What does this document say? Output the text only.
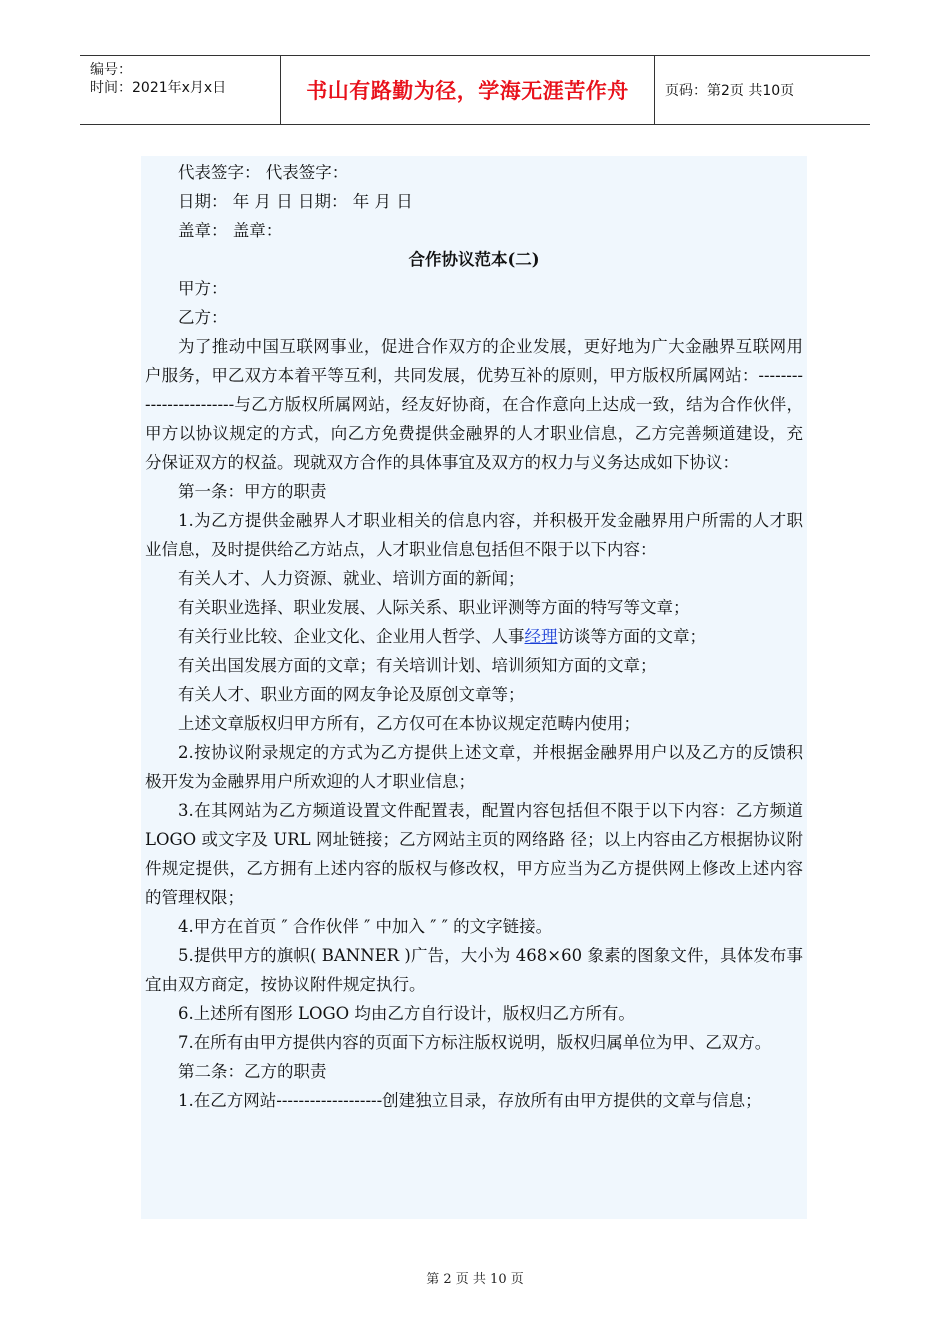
编号：
时间：2021年x月x日	书山有路勤为径，学海无涯苦作舟	页码：第2页 共10页

代表签字： 代表签字：

日期： 年 月 日 日期： 年 月 日

盖章： 盖章：

合作协议范本(二)

甲方：

乙方：

为了推动中国互联网事业，促进合作双方的企业发展，更好地为广大金融界互联网用户服务，甲乙双方本着平等互利，共同发展，优势互补的原则，甲方版权所属网站：------------------------与乙方版权所属网站，经友好协商，在合作意向上达成一致，结为合作伙伴，甲方以协议规定的方式，向乙方免费提供金融界的人才职业信息，乙方完善频道建设，充分保证双方的权益。现就双方合作的具体事宜及双方的权力与义务达成如下协议：

第一条：甲方的职责

1.为乙方提供金融界人才职业相关的信息内容，并积极开发金融界用户所需的人才职业信息，及时提供给乙方站点，人才职业信息包括但不限于以下内容：

有关人才、人力资源、就业、培训方面的新闻；

有关职业选择、职业发展、人际关系、职业评测等方面的特写等文章；

有关行业比较、企业文化、企业用人哲学、人事经理访谈等方面的文章；

有关出国发展方面的文章；有关培训计划、培训须知方面的文章；

有关人才、职业方面的网友争论及原创文章等；

上述文章版权归甲方所有，乙方仅可在本协议规定范畴内使用；

2.按协议附录规定的方式为乙方提供上述文章，并根据金融界用户以及乙方的反馈积极开发为金融界用户所欢迎的人才职业信息；

3.在其网站为乙方频道设置文件配置表，配置内容包括但不限于以下内容：乙方频道 LOGO 或文字及 URL 网址链接；乙方网站主页的网络路 径；以上内容由乙方根据协议附件规定提供，乙方拥有上述内容的版权与修改权，甲方应当为乙方提供网上修改上述内容的管理权限；

4.甲方在首页 ″ 合作伙伴 ″ 中加入 ″ ″ 的文字链接。

5.提供甲方的旗帜( BANNER )广告，大小为 468×60 象素的图象文件，具体发布事宜由双方商定，按协议附件规定执行。

6.上述所有图形 LOGO 均由乙方自行设计，版权归乙方所有。

7.在所有由甲方提供内容的页面下方标注版权说明，版权归属单位为甲、乙双方。

第二条：乙方的职责

1.在乙方网站-------------------创建独立目录，存放所有由甲方提供的文章与信息；

第 2 页 共 10 页
